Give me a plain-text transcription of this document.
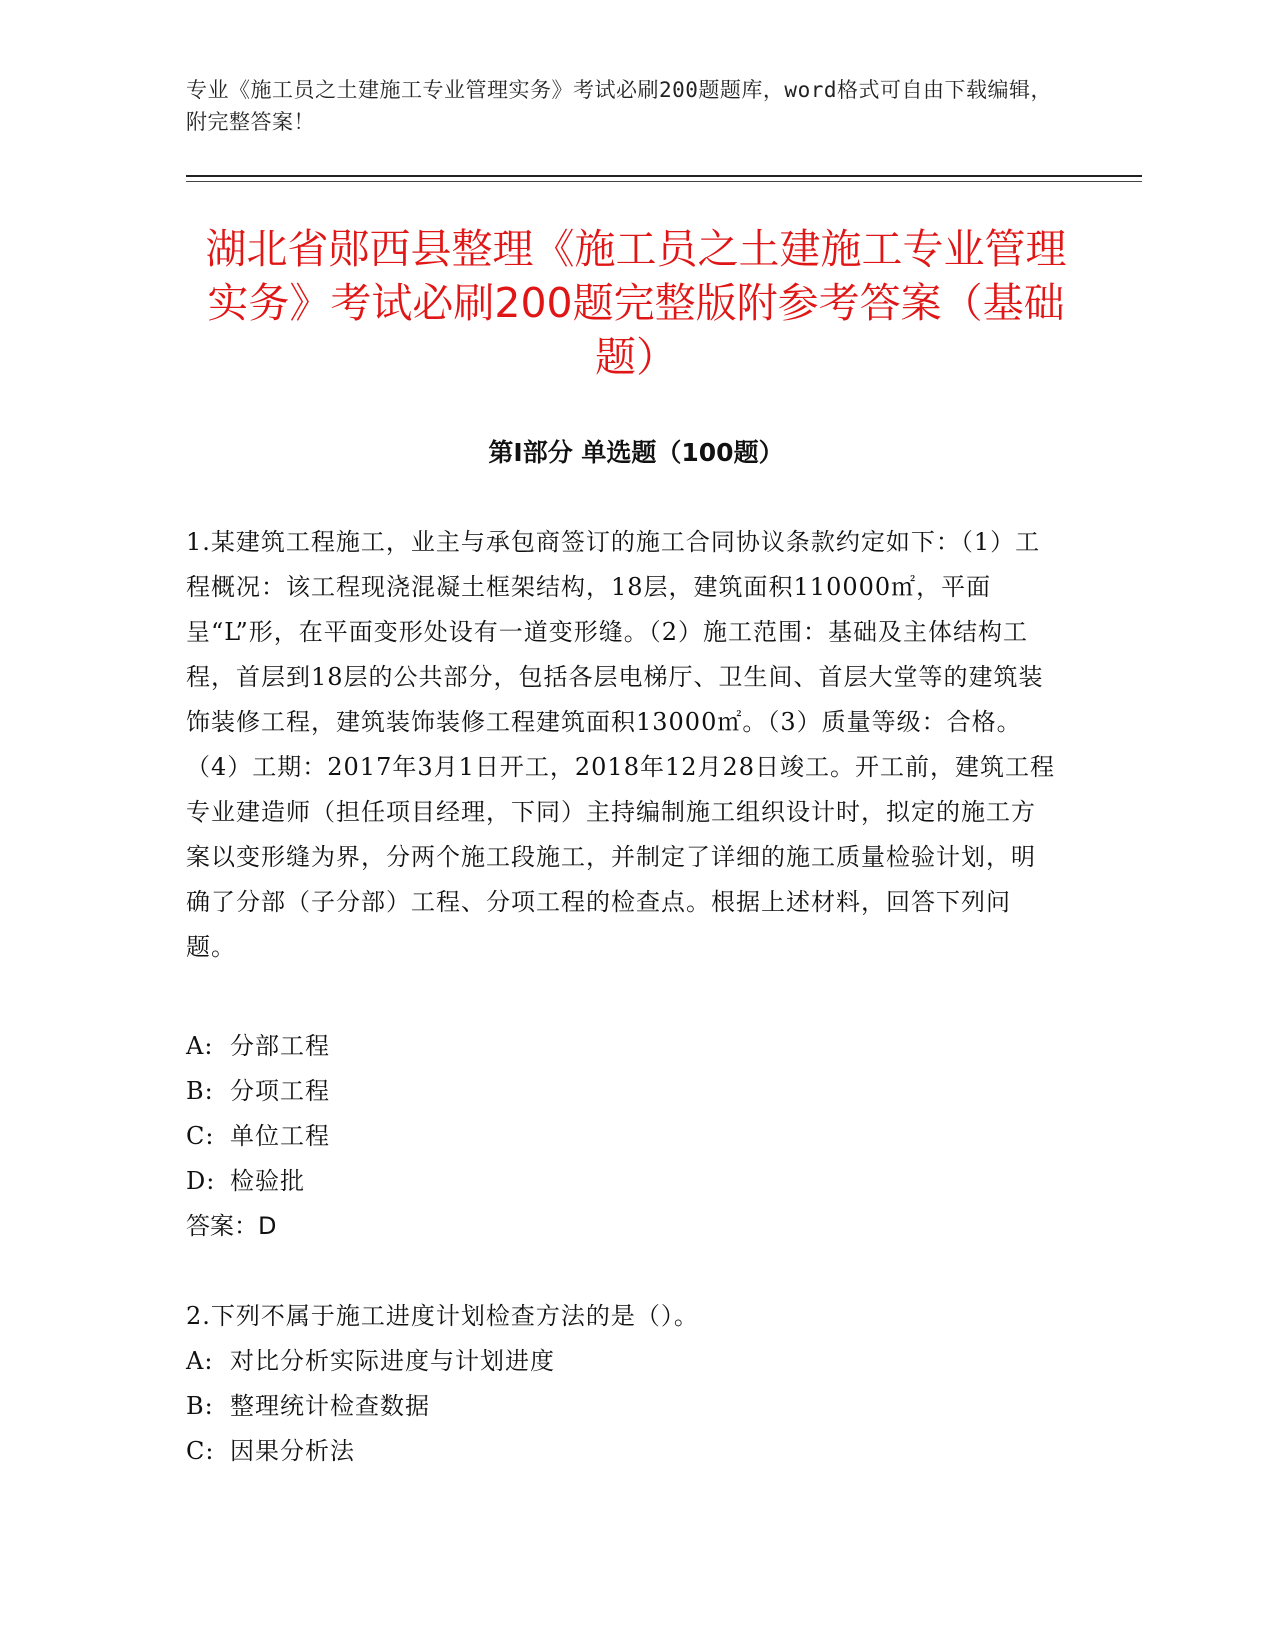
专业《施工员之土建施工专业管理实务》考试必刷200题题库，word格式可自由下载编辑，附完整答案！
湖北省郧西县整理《施工员之土建施工专业管理实务》考试必刷200题完整版附参考答案（基础题）
第Ⅰ部分 单选题（100题）
1.某建筑工程施工，业主与承包商签订的施工合同协议条款约定如下：（1）工程概况：该工程现浇混凝土框架结构，18层，建筑面积110000㎡，平面呈“L”形，在平面变形处设有一道变形缝。（2）施工范围：基础及主体结构工程，首层到18层的公共部分，包括各层电梯厅、卫生间、首层大堂等的建筑装饰装修工程，建筑装饰装修工程建筑面积13000㎡。（3）质量等级：合格。（4）工期：2017年3月1日开工，2018年12月28日竣工。开工前，建筑工程专业建造师（担任项目经理，下同）主持编制施工组织设计时，拟定的施工方案以变形缝为界，分两个施工段施工，并制定了详细的施工质量检验计划，明确了分部（子分部）工程、分项工程的检查点。根据上述材料，回答下列问题。
A: 分部工程
B: 分项工程
C: 单位工程
D: 检验批
答案：D
2.下列不属于施工进度计划检查方法的是（）。
A: 对比分析实际进度与计划进度
B: 整理统计检查数据
C: 因果分析法
